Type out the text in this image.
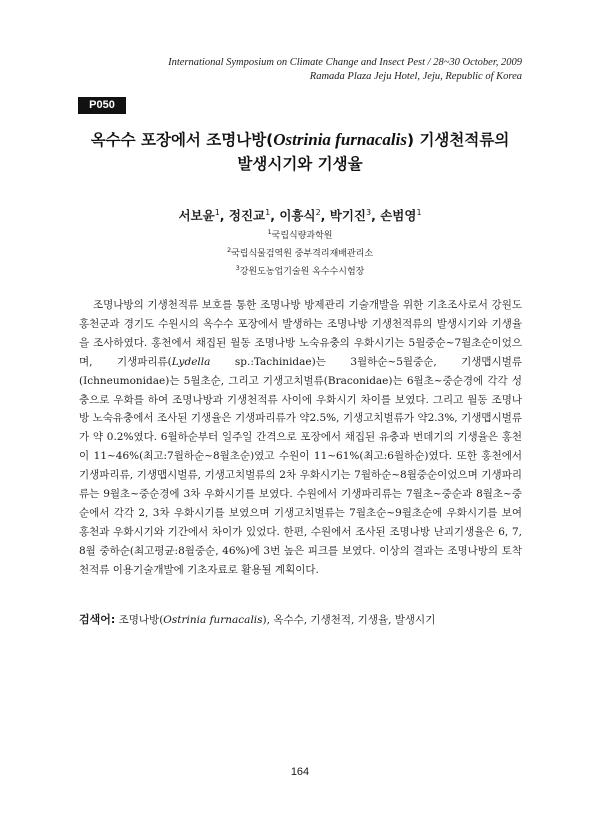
International Symposium on Climate Change and Insect Pest / 28~30 October, 2009
Ramada Plaza Jeju Hotel, Jeju, Republic of Korea
P050
옥수수 포장에서 조명나방(Ostrinia furnacalis) 기생천적류의
발생시기와 기생율
서보윤$^1$, 정진교$^1$, 이흥식$^2$, 박기진$^3$, 손범영$^1$
$^1$국립식량과학원
$^2$국립식물검역원 중부격리재배관리소
$^3$강원도농업기술원 옥수수시험장

조명나방의 기생천적류 보호를 통한 조명나방 방제관리 기술개발을 위한 기초조사로서 강원도 홍천군과 경기도 수원시의 옥수수 포장에서 발생하는 조명나방 기생천적류의 발생시기와 기생율을 조사하였다. 홍천에서 채집된 월동 조명나방 노숙유충의 우화시기는 5월중순~7월초순이었으며, 기생파리류(Lydella sp.:Tachinidae)는 3월하순~5월중순, 기생맵시벌류(Ichneumonidae)는 5월초순, 그리고 기생고치벌류(Braconidae)는 6월초~중순경에 각각 성충으로 우화를 하여 조명나방과 기생천적류 사이에 우화시기 차이를 보였다. 그리고 월동 조명나방 노숙유충에서 조사된 기생율은 기생파리류가 약2.5%, 기생고치벌류가 약2.3%, 기생맵시벌류가 약 0.2%였다. 6월하순부터 일주일 간격으로 포장에서 채집된 유충과 번데기의 기생율은 홍천이 11~46%(최고:7월하순~8월초순)였고 수원이 11~61%(최고:6월하순)였다. 또한 홍천에서 기생파리류, 기생맵시벌류, 기생고치벌류의 2차 우화시기는 7월하순~8월중순이었으며 기생파리류는 9월초~중순경에 3차 우화시기를 보였다. 수원에서 기생파리류는 7월초~중순과 8월초~중순에서 각각 2, 3차 우화시기를 보였으며 기생고치벌류는 7월초순~9월초순에 우화시기를 보여 홍천과 우화시기와 기간에서 차이가 있었다. 한편, 수원에서 조사된 조명나방 난괴기생율은 6, 7, 8월 중하순(최고평균:8월중순, 46%)에 3번 높은 피크를 보였다. 이상의 결과는 조명나방의 토착 천적류 이용기술개발에 기초자료로 활용될 계획이다.

검색어: 조명나방(Ostrinia furnacalis), 옥수수, 기생천적, 기생율, 발생시기
164
